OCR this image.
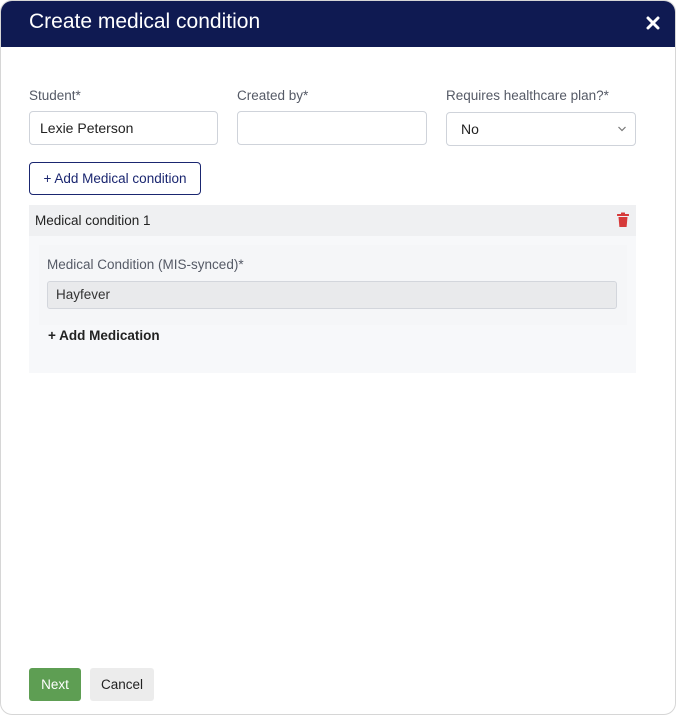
Create medical condition
Student*
Lexie Peterson
Created by*	Requires healthcare plan?*
No
+ Add Medical condition
Medical condition 1
Medical Condition (MIS-synced)*
Hayfever
+ Add Medication
Next	Cancel
